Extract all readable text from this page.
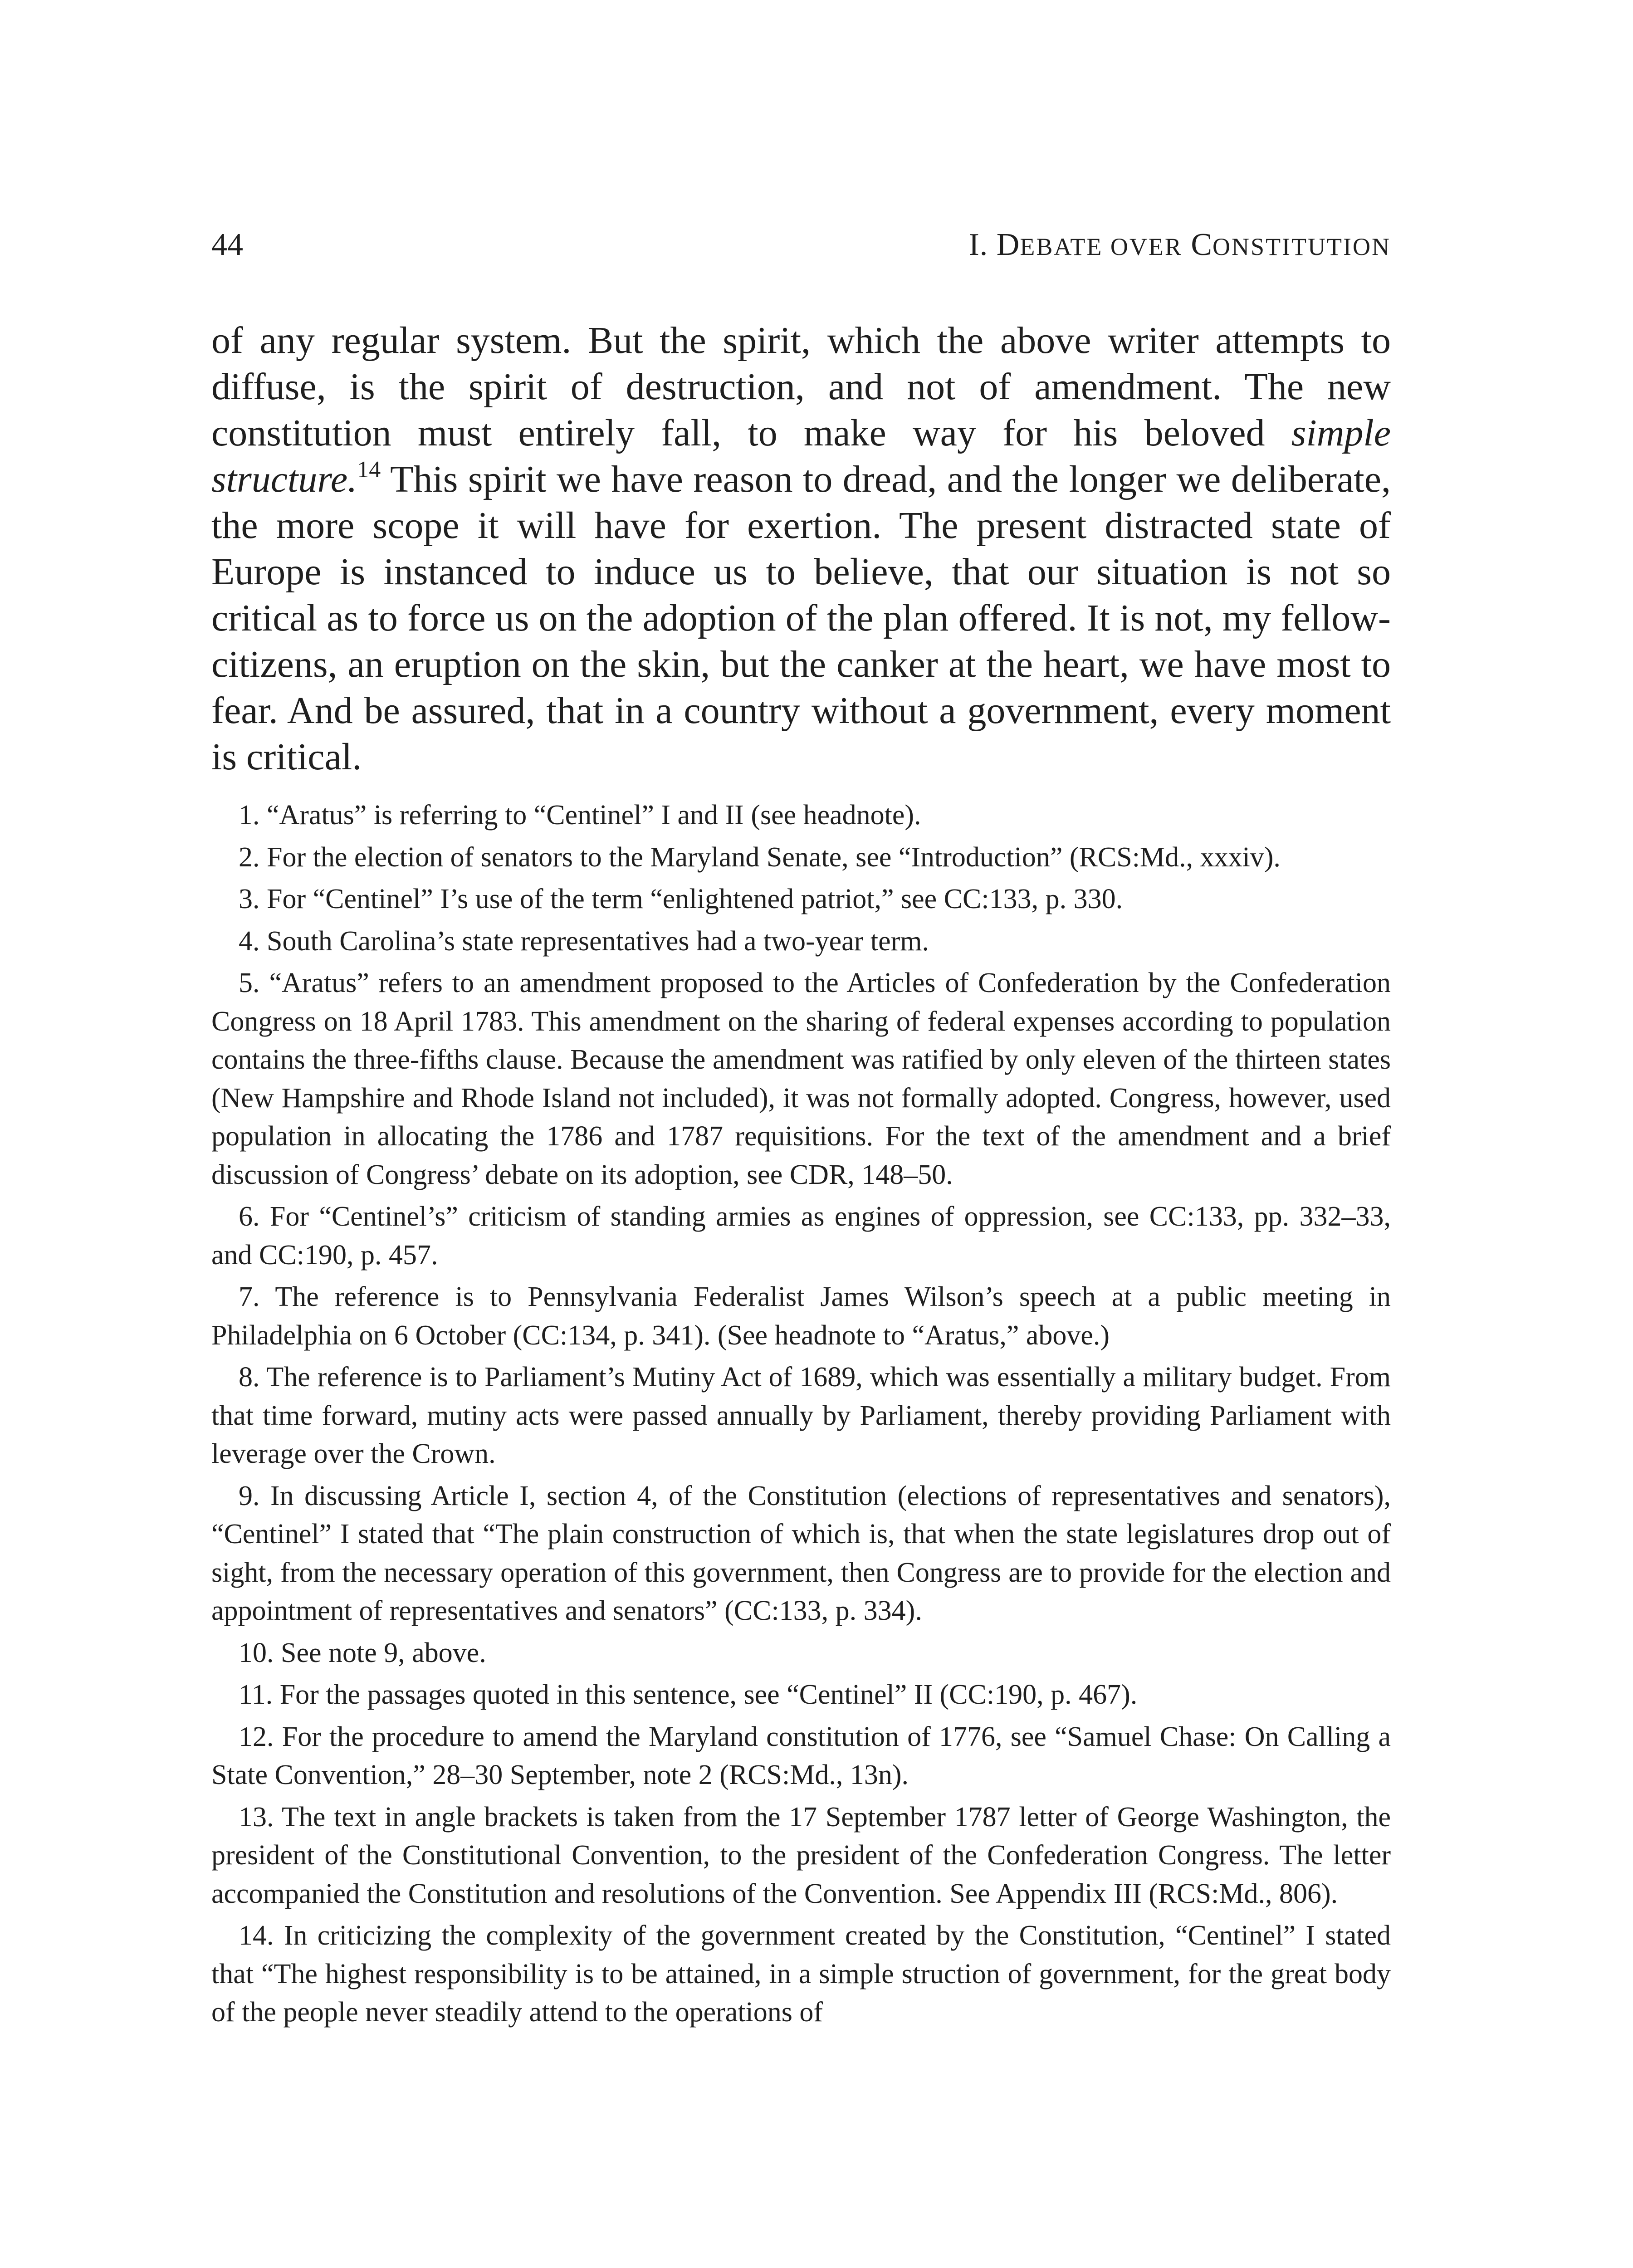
44	I. DEBATE OVER CONSTITUTION

of any regular system. But the spirit, which the above writer attempts to diffuse, is the spirit of destruction, and not of amendment. The new constitution must entirely fall, to make way for his beloved simple structure.$^{14}$ This spirit we have reason to dread, and the longer we deliberate, the more scope it will have for exertion. The present distracted state of Europe is instanced to induce us to believe, that our situation is not so critical as to force us on the adoption of the plan offered. It is not, my fellow-citizens, an eruption on the skin, but the canker at the heart, we have most to fear. And be assured, that in a country without a government, every moment is critical.

1. “Aratus” is referring to “Centinel” I and II (see headnote).

2. For the election of senators to the Maryland Senate, see “Introduction” (RCS:Md., xxxiv).

3. For “Centinel” I’s use of the term “enlightened patriot,” see CC:133, p. 330.

4. South Carolina’s state representatives had a two-year term.

5. “Aratus” refers to an amendment proposed to the Articles of Confederation by the Confederation Congress on 18 April 1783. This amendment on the sharing of federal expenses according to population contains the three-fifths clause. Because the amendment was ratified by only eleven of the thirteen states (New Hampshire and Rhode Island not included), it was not formally adopted. Congress, however, used population in allocating the 1786 and 1787 requisitions. For the text of the amendment and a brief discussion of Congress’ debate on its adoption, see CDR, 148–50.

6. For “Centinel’s” criticism of standing armies as engines of oppression, see CC:133, pp. 332–33, and CC:190, p. 457.

7. The reference is to Pennsylvania Federalist James Wilson’s speech at a public meeting in Philadelphia on 6 October (CC:134, p. 341). (See headnote to “Aratus,” above.)

8. The reference is to Parliament’s Mutiny Act of 1689, which was essentially a military budget. From that time forward, mutiny acts were passed annually by Parliament, thereby providing Parliament with leverage over the Crown.

9. In discussing Article I, section 4, of the Constitution (elections of representatives and senators), “Centinel” I stated that “The plain construction of which is, that when the state legislatures drop out of sight, from the necessary operation of this government, then Congress are to provide for the election and appointment of representatives and senators” (CC:133, p. 334).

10. See note 9, above.

11. For the passages quoted in this sentence, see “Centinel” II (CC:190, p. 467).

12. For the procedure to amend the Maryland constitution of 1776, see “Samuel Chase: On Calling a State Convention,” 28–30 September, note 2 (RCS:Md., 13n).

13. The text in angle brackets is taken from the 17 September 1787 letter of George Washington, the president of the Constitutional Convention, to the president of the Confederation Congress. The letter accompanied the Constitution and resolutions of the Convention. See Appendix III (RCS:Md., 806).

14. In criticizing the complexity of the government created by the Constitution, “Centinel” I stated that “The highest responsibility is to be attained, in a simple struction of government, for the great body of the people never steadily attend to the operations of
